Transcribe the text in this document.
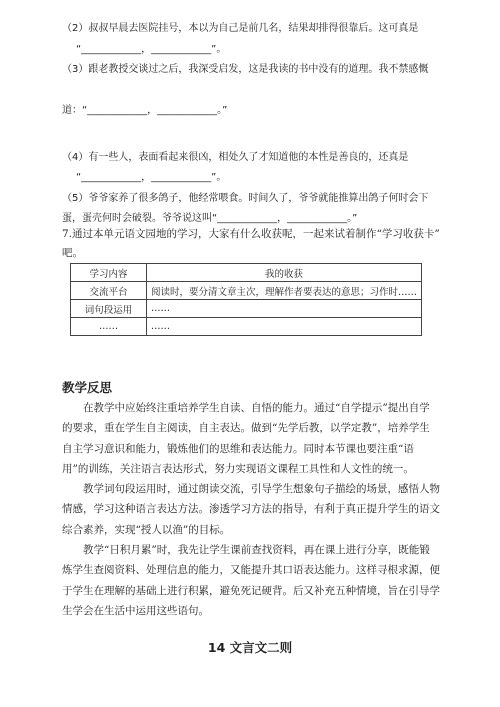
（2）叔叔早晨去医院挂号，本以为自己是前几名，结果却排得很靠后。这可真是
“____________，____________”。
（3）跟老教授交谈过之后，我深受启发，这是我读的书中没有的道理。我不禁感慨
道：“____________，____________。”
（4）有一些人，表面看起来很凶，相处久了才知道他的本性是善良的，还真是
“____________，____________”。
（5）爷爷家养了很多鸽子，他经常喂食。时间久了，爷爷就能推算出鸽子何时会下
蛋，蛋壳何时会破裂。爷爷说这叫“____________，____________。”
7.通过本单元语文园地的学习，大家有什么收获呢，一起来试着制作“学习收获卡”
吧。
学习内容	我的收获
交流平台	阅读时，要分清文章主次，理解作者要表达的意思；习作时……
词句段运用	……
……	……
教学反思

在教学中应始终注重培养学生自读、自悟的能力。通过“自学提示”提出自学的要求，重在学生自主阅读，自主表达。做到“先学后教，以学定教”，培养学生自主学习意识和能力，锻炼他们的思维和表达能力。同时本节课也要注重“语用”的训练，关注语言表达形式，努力实现语文课程工具性和人文性的统一。

教学词句段运用时，通过朗读交流，引导学生想象句子描绘的场景，感悟人物情感，学习这种语言表达方法。渗透学习方法的指导，有利于真正提升学生的语文综合素养，实现“授人以渔”的目标。

教学“日积月累”时，我先让学生课前查找资料，再在课上进行分享，既能锻炼学生查阅资料、处理信息的能力，又能提升其口语表达能力。这样寻根求源，便于学生在理解的基础上进行积累，避免死记硬背。后又补充五种情境，旨在引导学生学会在生活中运用这些语句。

14 文言文二则
